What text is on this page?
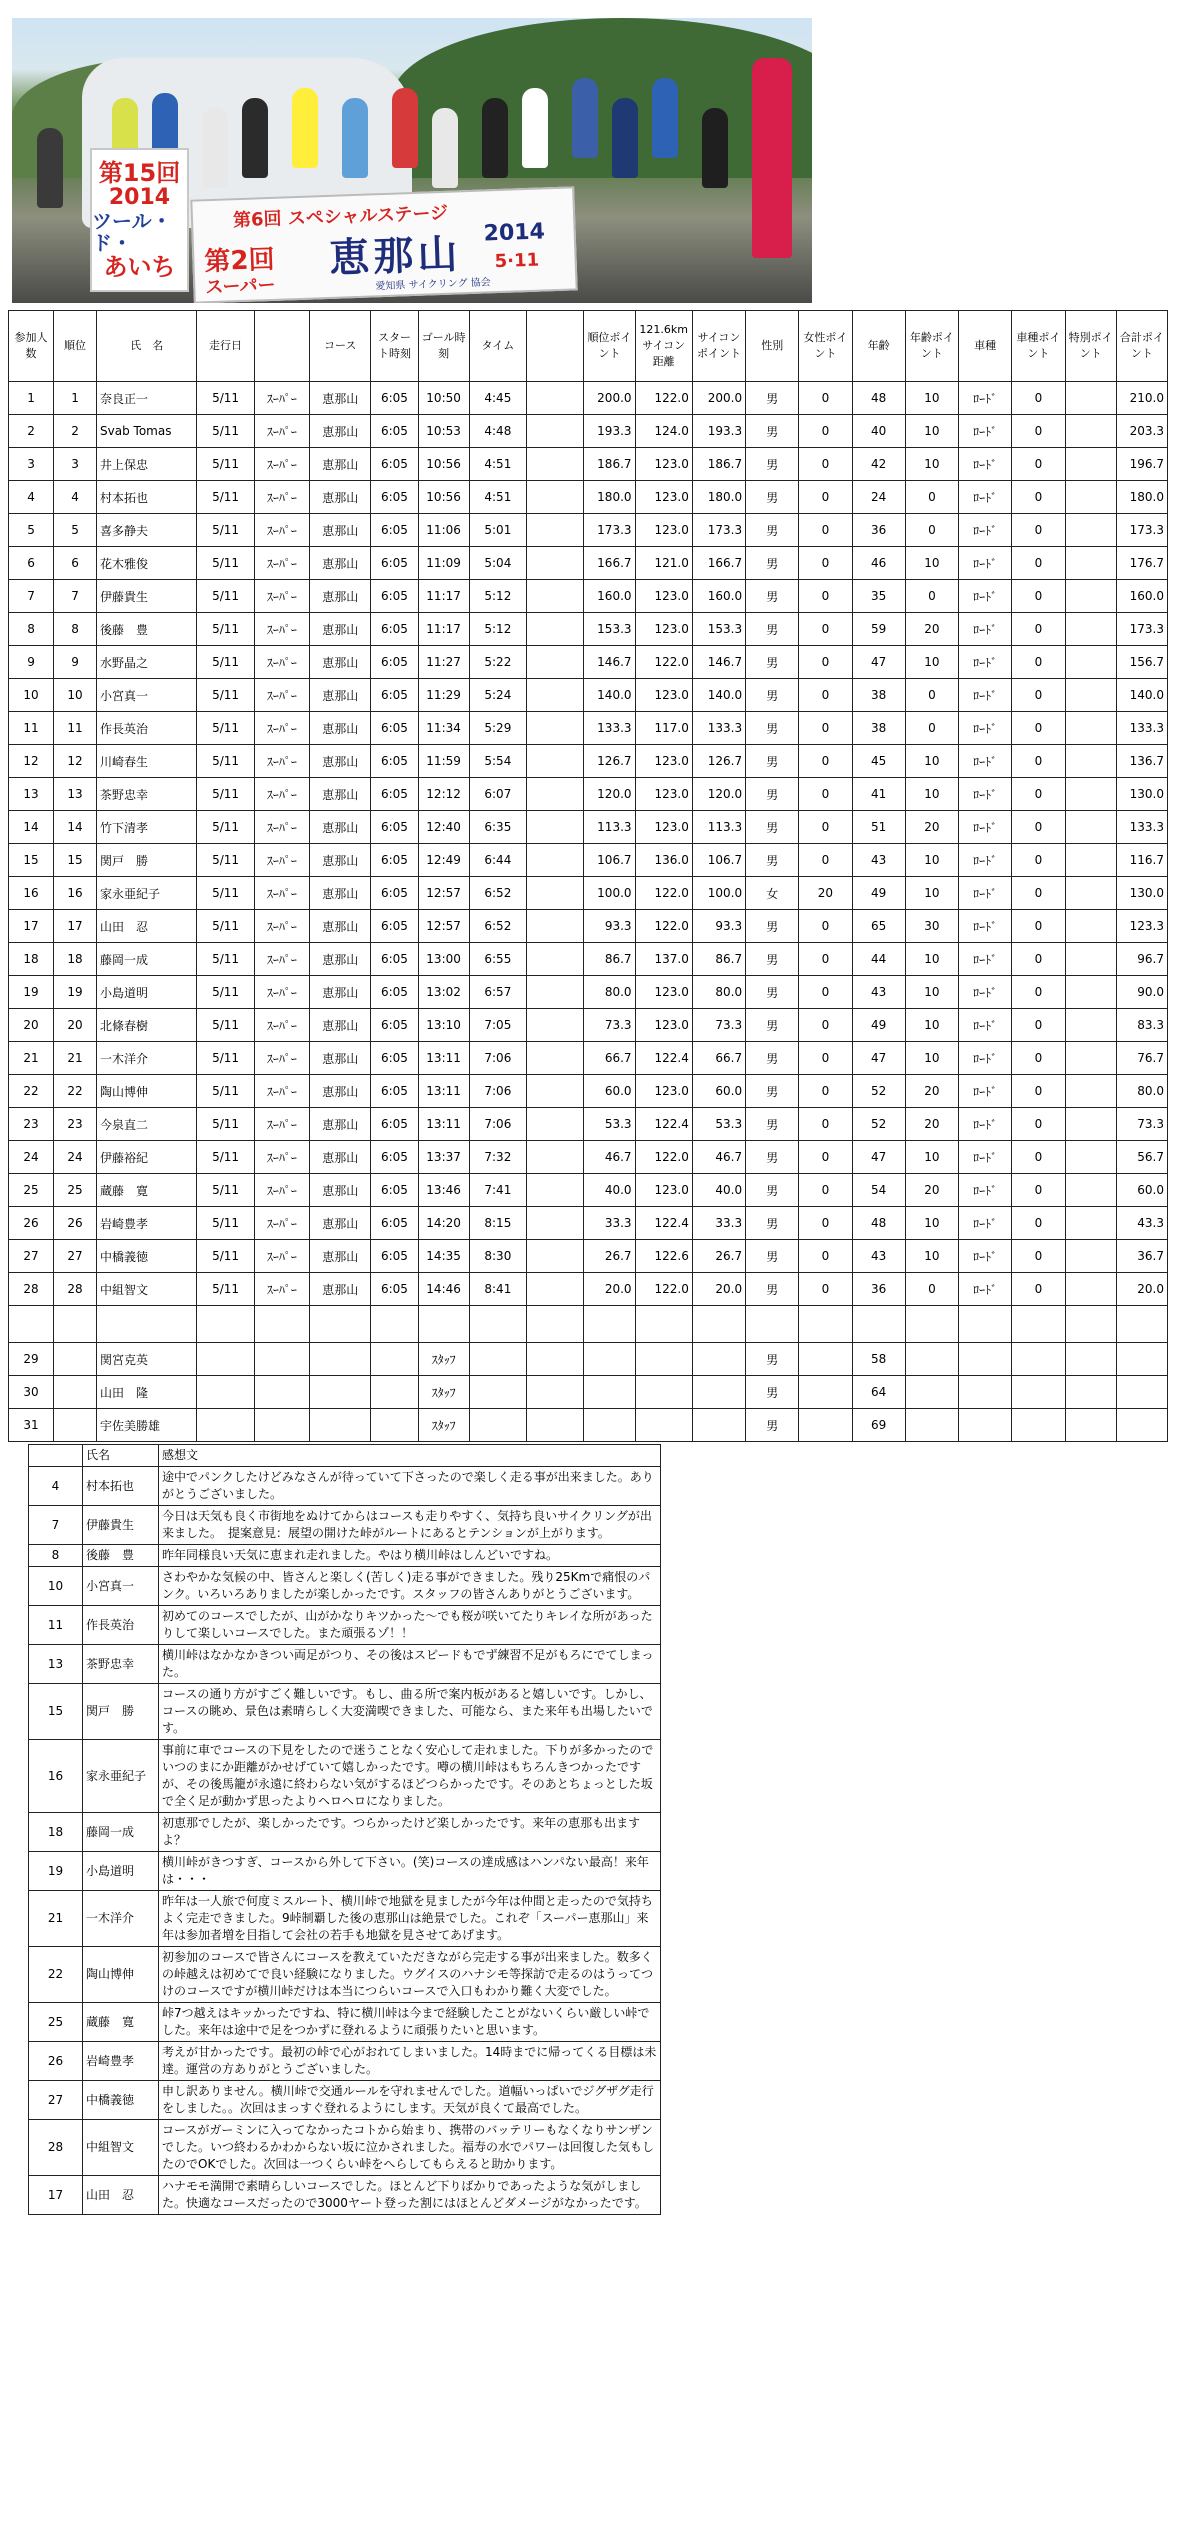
第15回
2014
ツール・ド・
あいち
第6回 スペシャルステージ
第2回
スーパー
恵那山 2014
5·11
愛知県 サイクリング 協会
参加人数	順位	氏　名	走行日		コース	スタート時刻	ゴール時刻	タイム		順位ポイント	121.6km サイコン距離	サイコンポイント	性別	女性ポイント	年齢	年齢ポイント	車種	車種ポイント	特別ポイント	合計ポイント
1	1	奈良正一	5/11	ｽｰﾊﾟｰ	恵那山	6:05	10:50	4:45		200.0	122.0	200.0	男	0	48	10	ﾛｰﾄﾞ	0		210.0
2	2	Svab Tomas	5/11	ｽｰﾊﾟｰ	恵那山	6:05	10:53	4:48		193.3	124.0	193.3	男	0	40	10	ﾛｰﾄﾞ	0		203.3
3	3	井上保忠	5/11	ｽｰﾊﾟｰ	恵那山	6:05	10:56	4:51		186.7	123.0	186.7	男	0	42	10	ﾛｰﾄﾞ	0		196.7
4	4	村本拓也	5/11	ｽｰﾊﾟｰ	恵那山	6:05	10:56	4:51		180.0	123.0	180.0	男	0	24	0	ﾛｰﾄﾞ	0		180.0
5	5	喜多静夫	5/11	ｽｰﾊﾟｰ	恵那山	6:05	11:06	5:01		173.3	123.0	173.3	男	0	36	0	ﾛｰﾄﾞ	0		173.3
6	6	花木雅俊	5/11	ｽｰﾊﾟｰ	恵那山	6:05	11:09	5:04		166.7	121.0	166.7	男	0	46	10	ﾛｰﾄﾞ	0		176.7
7	7	伊藤貴生	5/11	ｽｰﾊﾟｰ	恵那山	6:05	11:17	5:12		160.0	123.0	160.0	男	0	35	0	ﾛｰﾄﾞ	0		160.0
8	8	後藤　豊	5/11	ｽｰﾊﾟｰ	恵那山	6:05	11:17	5:12		153.3	123.0	153.3	男	0	59	20	ﾛｰﾄﾞ	0		173.3
9	9	水野晶之	5/11	ｽｰﾊﾟｰ	恵那山	6:05	11:27	5:22		146.7	122.0	146.7	男	0	47	10	ﾛｰﾄﾞ	0		156.7
10	10	小宮真一	5/11	ｽｰﾊﾟｰ	恵那山	6:05	11:29	5:24		140.0	123.0	140.0	男	0	38	0	ﾛｰﾄﾞ	0		140.0
11	11	作長英治	5/11	ｽｰﾊﾟｰ	恵那山	6:05	11:34	5:29		133.3	117.0	133.3	男	0	38	0	ﾛｰﾄﾞ	0		133.3
12	12	川崎春生	5/11	ｽｰﾊﾟｰ	恵那山	6:05	11:59	5:54		126.7	123.0	126.7	男	0	45	10	ﾛｰﾄﾞ	0		136.7
13	13	茶野忠幸	5/11	ｽｰﾊﾟｰ	恵那山	6:05	12:12	6:07		120.0	123.0	120.0	男	0	41	10	ﾛｰﾄﾞ	0		130.0
14	14	竹下清孝	5/11	ｽｰﾊﾟｰ	恵那山	6:05	12:40	6:35		113.3	123.0	113.3	男	0	51	20	ﾛｰﾄﾞ	0		133.3
15	15	関戸　勝	5/11	ｽｰﾊﾟｰ	恵那山	6:05	12:49	6:44		106.7	136.0	106.7	男	0	43	10	ﾛｰﾄﾞ	0		116.7
16	16	家永亜紀子	5/11	ｽｰﾊﾟｰ	恵那山	6:05	12:57	6:52		100.0	122.0	100.0	女	20	49	10	ﾛｰﾄﾞ	0		130.0
17	17	山田　忍	5/11	ｽｰﾊﾟｰ	恵那山	6:05	12:57	6:52		93.3	122.0	93.3	男	0	65	30	ﾛｰﾄﾞ	0		123.3
18	18	藤岡一成	5/11	ｽｰﾊﾟｰ	恵那山	6:05	13:00	6:55		86.7	137.0	86.7	男	0	44	10	ﾛｰﾄﾞ	0		96.7
19	19	小島道明	5/11	ｽｰﾊﾟｰ	恵那山	6:05	13:02	6:57		80.0	123.0	80.0	男	0	43	10	ﾛｰﾄﾞ	0		90.0
20	20	北條春樹	5/11	ｽｰﾊﾟｰ	恵那山	6:05	13:10	7:05		73.3	123.0	73.3	男	0	49	10	ﾛｰﾄﾞ	0		83.3
21	21	一木洋介	5/11	ｽｰﾊﾟｰ	恵那山	6:05	13:11	7:06		66.7	122.4	66.7	男	0	47	10	ﾛｰﾄﾞ	0		76.7
22	22	陶山博伸	5/11	ｽｰﾊﾟｰ	恵那山	6:05	13:11	7:06		60.0	123.0	60.0	男	0	52	20	ﾛｰﾄﾞ	0		80.0
23	23	今泉直二	5/11	ｽｰﾊﾟｰ	恵那山	6:05	13:11	7:06		53.3	122.4	53.3	男	0	52	20	ﾛｰﾄﾞ	0		73.3
24	24	伊藤裕紀	5/11	ｽｰﾊﾟｰ	恵那山	6:05	13:37	7:32		46.7	122.0	46.7	男	0	47	10	ﾛｰﾄﾞ	0		56.7
25	25	蔵藤　寛	5/11	ｽｰﾊﾟｰ	恵那山	6:05	13:46	7:41		40.0	123.0	40.0	男	0	54	20	ﾛｰﾄﾞ	0		60.0
26	26	岩崎豊孝	5/11	ｽｰﾊﾟｰ	恵那山	6:05	14:20	8:15		33.3	122.4	33.3	男	0	48	10	ﾛｰﾄﾞ	0		43.3
27	27	中橋義徳	5/11	ｽｰﾊﾟｰ	恵那山	6:05	14:35	8:30		26.7	122.6	26.7	男	0	43	10	ﾛｰﾄﾞ	0		36.7
28	28	中組智文	5/11	ｽｰﾊﾟｰ	恵那山	6:05	14:46	8:41		20.0	122.0	20.0	男	0	36	0	ﾛｰﾄﾞ	0		20.0

29		関宮克英					ｽﾀｯﾌ						男		58					
30		山田　隆					ｽﾀｯﾌ						男		64					
31		宇佐美勝雄					ｽﾀｯﾌ						男		69					
	氏名	感想文
4	村本拓也	途中でパンクしたけどみなさんが待っていて下さったので楽しく走る事が出来ました。ありがとうございました。
7	伊藤貴生	今日は天気も良く市街地をぬけてからはコースも走りやすく、気持ち良いサイクリングが出来ました。　提案意見：展望の開けた峠がルートにあるとテンションが上がります。
8	後藤　豊	昨年同様良い天気に恵まれ走れました。やはり横川峠はしんどいですね。
10	小宮真一	さわやかな気候の中、皆さんと楽しく(苦しく)走る事ができました。残り25Kmで痛恨のパンク。いろいろありましたが楽しかったです。スタッフの皆さんありがとうございます。
11	作長英治	初めてのコースでしたが、山がかなりキツかった～でも桜が咲いてたりキレイな所があったりして楽しいコースでした。また頑張るゾ！！
13	茶野忠幸	横川峠はなかなかきつい両足がつり、その後はスピードもでず練習不足がもろにでてしまった。
15	関戸　勝	コースの通り方がすごく難しいです。もし、曲る所で案内板があると嬉しいです。しかし、コースの眺め、景色は素晴らしく大変満喫できました、可能なら、また来年も出場したいです。
16	家永亜紀子	事前に車でコースの下見をしたので迷うことなく安心して走れました。下りが多かったのでいつのまにか距離がかせげていて嬉しかったです。噂の横川峠はもちろんきつかったですが、その後馬籠が永遠に終わらない気がするほどつらかったです。そのあとちょっとした坂で全く足が動かず思ったよりヘロヘロになりました。
18	藤岡一成	初恵那でしたが、楽しかったです。つらかったけど楽しかったです。来年の恵那も出ますよ？
19	小島道明	横川峠がきつすぎ、コースから外して下さい。(笑)コースの達成感はハンパない最高！来年は・・・
21	一木洋介	昨年は一人旅で何度ミスルート、横川峠で地獄を見ましたが今年は仲間と走ったので気持ちよく完走できました。9峠制覇した後の恵那山は絶景でした。これぞ「スーパー恵那山」来年は参加者増を目指して会社の若手も地獄を見させてあげます。
22	陶山博伸	初参加のコースで皆さんにコースを教えていただきながら完走する事が出来ました。数多くの峠越えは初めてで良い経験になりました。ウグイスのハナシモ等探訪で走るのはうってつけのコースですが横川峠だけは本当につらいコースで入口もわかり難く大変でした。
25	蔵藤　寛	峠7つ越えはキッかったですね、特に横川峠は今まで経験したことがないくらい厳しい峠でした。来年は途中で足をつかずに登れるように頑張りたいと思います。
26	岩崎豊孝	考えが甘かったです。最初の峠で心がおれてしまいました。14時までに帰ってくる目標は未達。運営の方ありがとうございました。
27	中橋義徳	申し訳ありません。横川峠で交通ルールを守れませんでした。道幅いっぱいでジグザグ走行をしました。。次回はまっすぐ登れるようにします。天気が良くて最高でした。
28	中組智文	コースがガーミンに入ってなかったコトから始まり、携帯のバッテリーもなくなりサンザンでした。いつ終わるかわからない坂に泣かされました。福寿の水でパワーは回復した気もしたのでOKでした。次回は一つくらい峠をへらしてもらえると助かります。
17	山田　忍	ハナモモ満開で素晴らしいコースでした。ほとんど下りばかりであったような気がしました。快適なコースだったので3000ヤート登った割にはほとんどダメージがなかったです。
